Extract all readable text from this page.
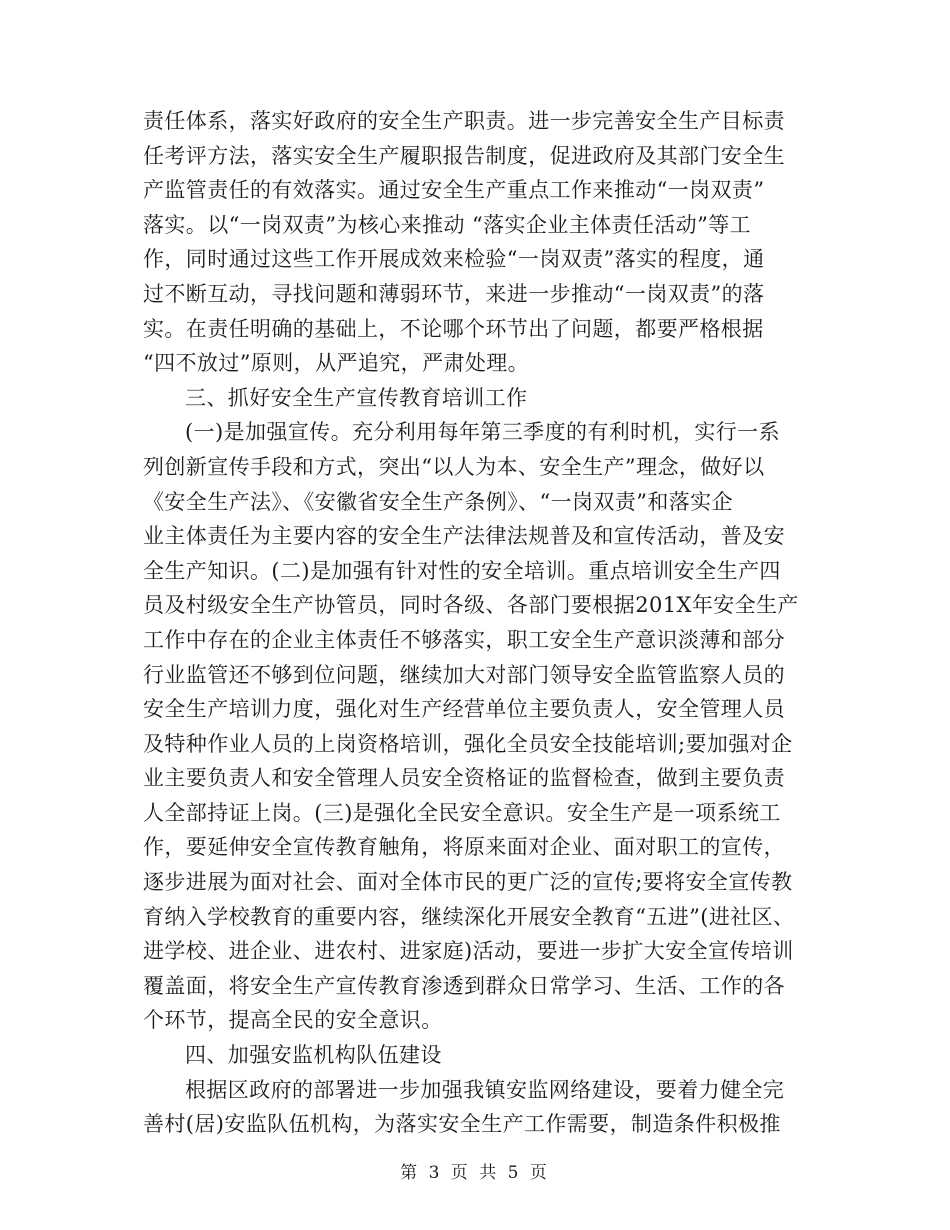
责任体系，落实好政府的安全生产职责。进一步完善安全生产目标责
任考评方法，落实安全生产履职报告制度，促进政府及其部门安全生
产监管责任的有效落实。通过安全生产重点工作来推动“一岗双责”
落实。以“一岗双责”为核心来推动 “落实企业主体责任活动”等工
作，同时通过这些工作开展成效来检验“一岗双责”落实的程度，通
过不断互动，寻找问题和薄弱环节，来进一步推动“一岗双责”的落
实。在责任明确的基础上，不论哪个环节出了问题，都要严格根据
“四不放过”原则，从严追究，严肃处理。
三、抓好安全生产宣传教育培训工作
(一)是加强宣传。充分利用每年第三季度的有利时机，实行一系
列创新宣传手段和方式，突出“以人为本、安全生产”理念，做好以
《安全生产法》、《安徽省安全生产条例》、“一岗双责”和落实企
业主体责任为主要内容的安全生产法律法规普及和宣传活动，普及安
全生产知识。(二)是加强有针对性的安全培训。重点培训安全生产四
员及村级安全生产协管员，同时各级、各部门要根据201X年安全生产
工作中存在的企业主体责任不够落实，职工安全生产意识淡薄和部分
行业监管还不够到位问题，继续加大对部门领导安全监管监察人员的
安全生产培训力度，强化对生产经营单位主要负责人，安全管理人员
及特种作业人员的上岗资格培训，强化全员安全技能培训;要加强对企
业主要负责人和安全管理人员安全资格证的监督检查，做到主要负责
人全部持证上岗。(三)是强化全民安全意识。安全生产是一项系统工
作，要延伸安全宣传教育触角，将原来面对企业、面对职工的宣传，
逐步进展为面对社会、面对全体市民的更广泛的宣传;要将安全宣传教
育纳入学校教育的重要内容，继续深化开展安全教育“五进”(进社区、
进学校、进企业、进农村、进家庭)活动，要进一步扩大安全宣传培训
覆盖面，将安全生产宣传教育渗透到群众日常学习、生活、工作的各
个环节，提高全民的安全意识。
四、加强安监机构队伍建设
根据区政府的部署进一步加强我镇安监网络建设，要着力健全完
善村(居)安监队伍机构，为落实安全生产工作需要，制造条件积极推
第 3 页 共 5 页
